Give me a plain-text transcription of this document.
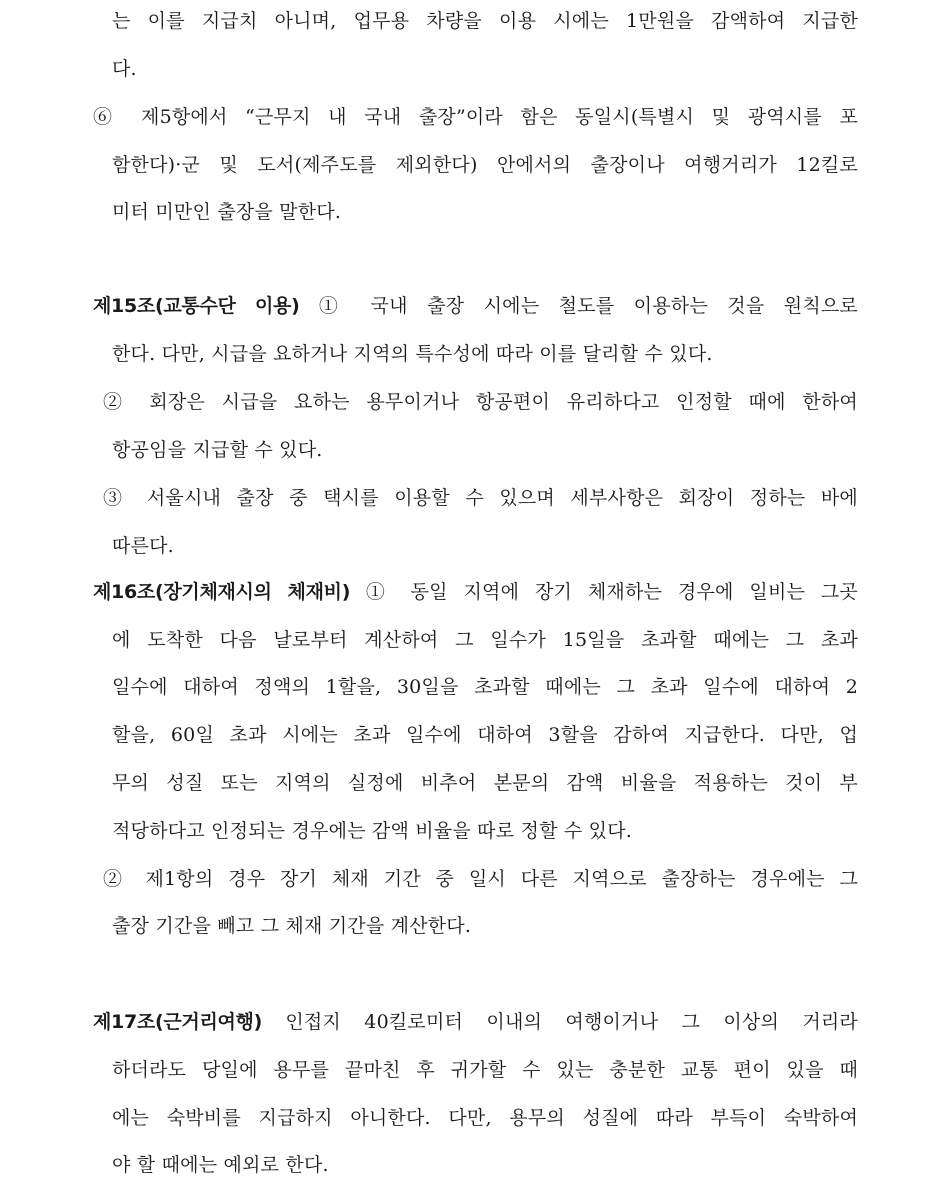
는 이를 지급치 아니며, 업무용 차량을 이용 시에는 1만원을 감액하여 지급한
다.
⑥ 제5항에서 “근무지 내 국내 출장”이라 함은 동일시(특별시 및 광역시를 포
함한다)·군 및 도서(제주도를 제외한다) 안에서의 출장이나 여행거리가 12킬로
미터 미만인 출장을 말한다.
제15조(교통수단 이용) ① 국내 출장 시에는 철도를 이용하는 것을 원칙으로
한다. 다만, 시급을 요하거나 지역의 특수성에 따라 이를 달리할 수 있다.
② 회장은 시급을 요하는 용무이거나 항공편이 유리하다고 인정할 때에 한하여
항공임을 지급할 수 있다.
③ 서울시내 출장 중 택시를 이용할 수 있으며 세부사항은 회장이 정하는 바에
따른다.
제16조(장기체재시의 체재비) ① 동일 지역에 장기 체재하는 경우에 일비는 그곳
에 도착한 다음 날로부터 계산하여 그 일수가 15일을 초과할 때에는 그 초과
일수에 대하여 정액의 1할을, 30일을 초과할 때에는 그 초과 일수에 대하여 2
할을, 60일 초과 시에는 초과 일수에 대하여 3할을 감하여 지급한다. 다만, 업
무의 성질 또는 지역의 실정에 비추어 본문의 감액 비율을 적용하는 것이 부
적당하다고 인정되는 경우에는 감액 비율을 따로 정할 수 있다.
② 제1항의 경우 장기 체재 기간 중 일시 다른 지역으로 출장하는 경우에는 그
출장 기간을 빼고 그 체재 기간을 계산한다.
제17조(근거리여행) 인접지 40킬로미터 이내의 여행이거나 그 이상의 거리라
하더라도 당일에 용무를 끝마친 후 귀가할 수 있는 충분한 교통 편이 있을 때
에는 숙박비를 지급하지 아니한다. 다만, 용무의 성질에 따라 부득이 숙박하여
야 할 때에는 예외로 한다.
